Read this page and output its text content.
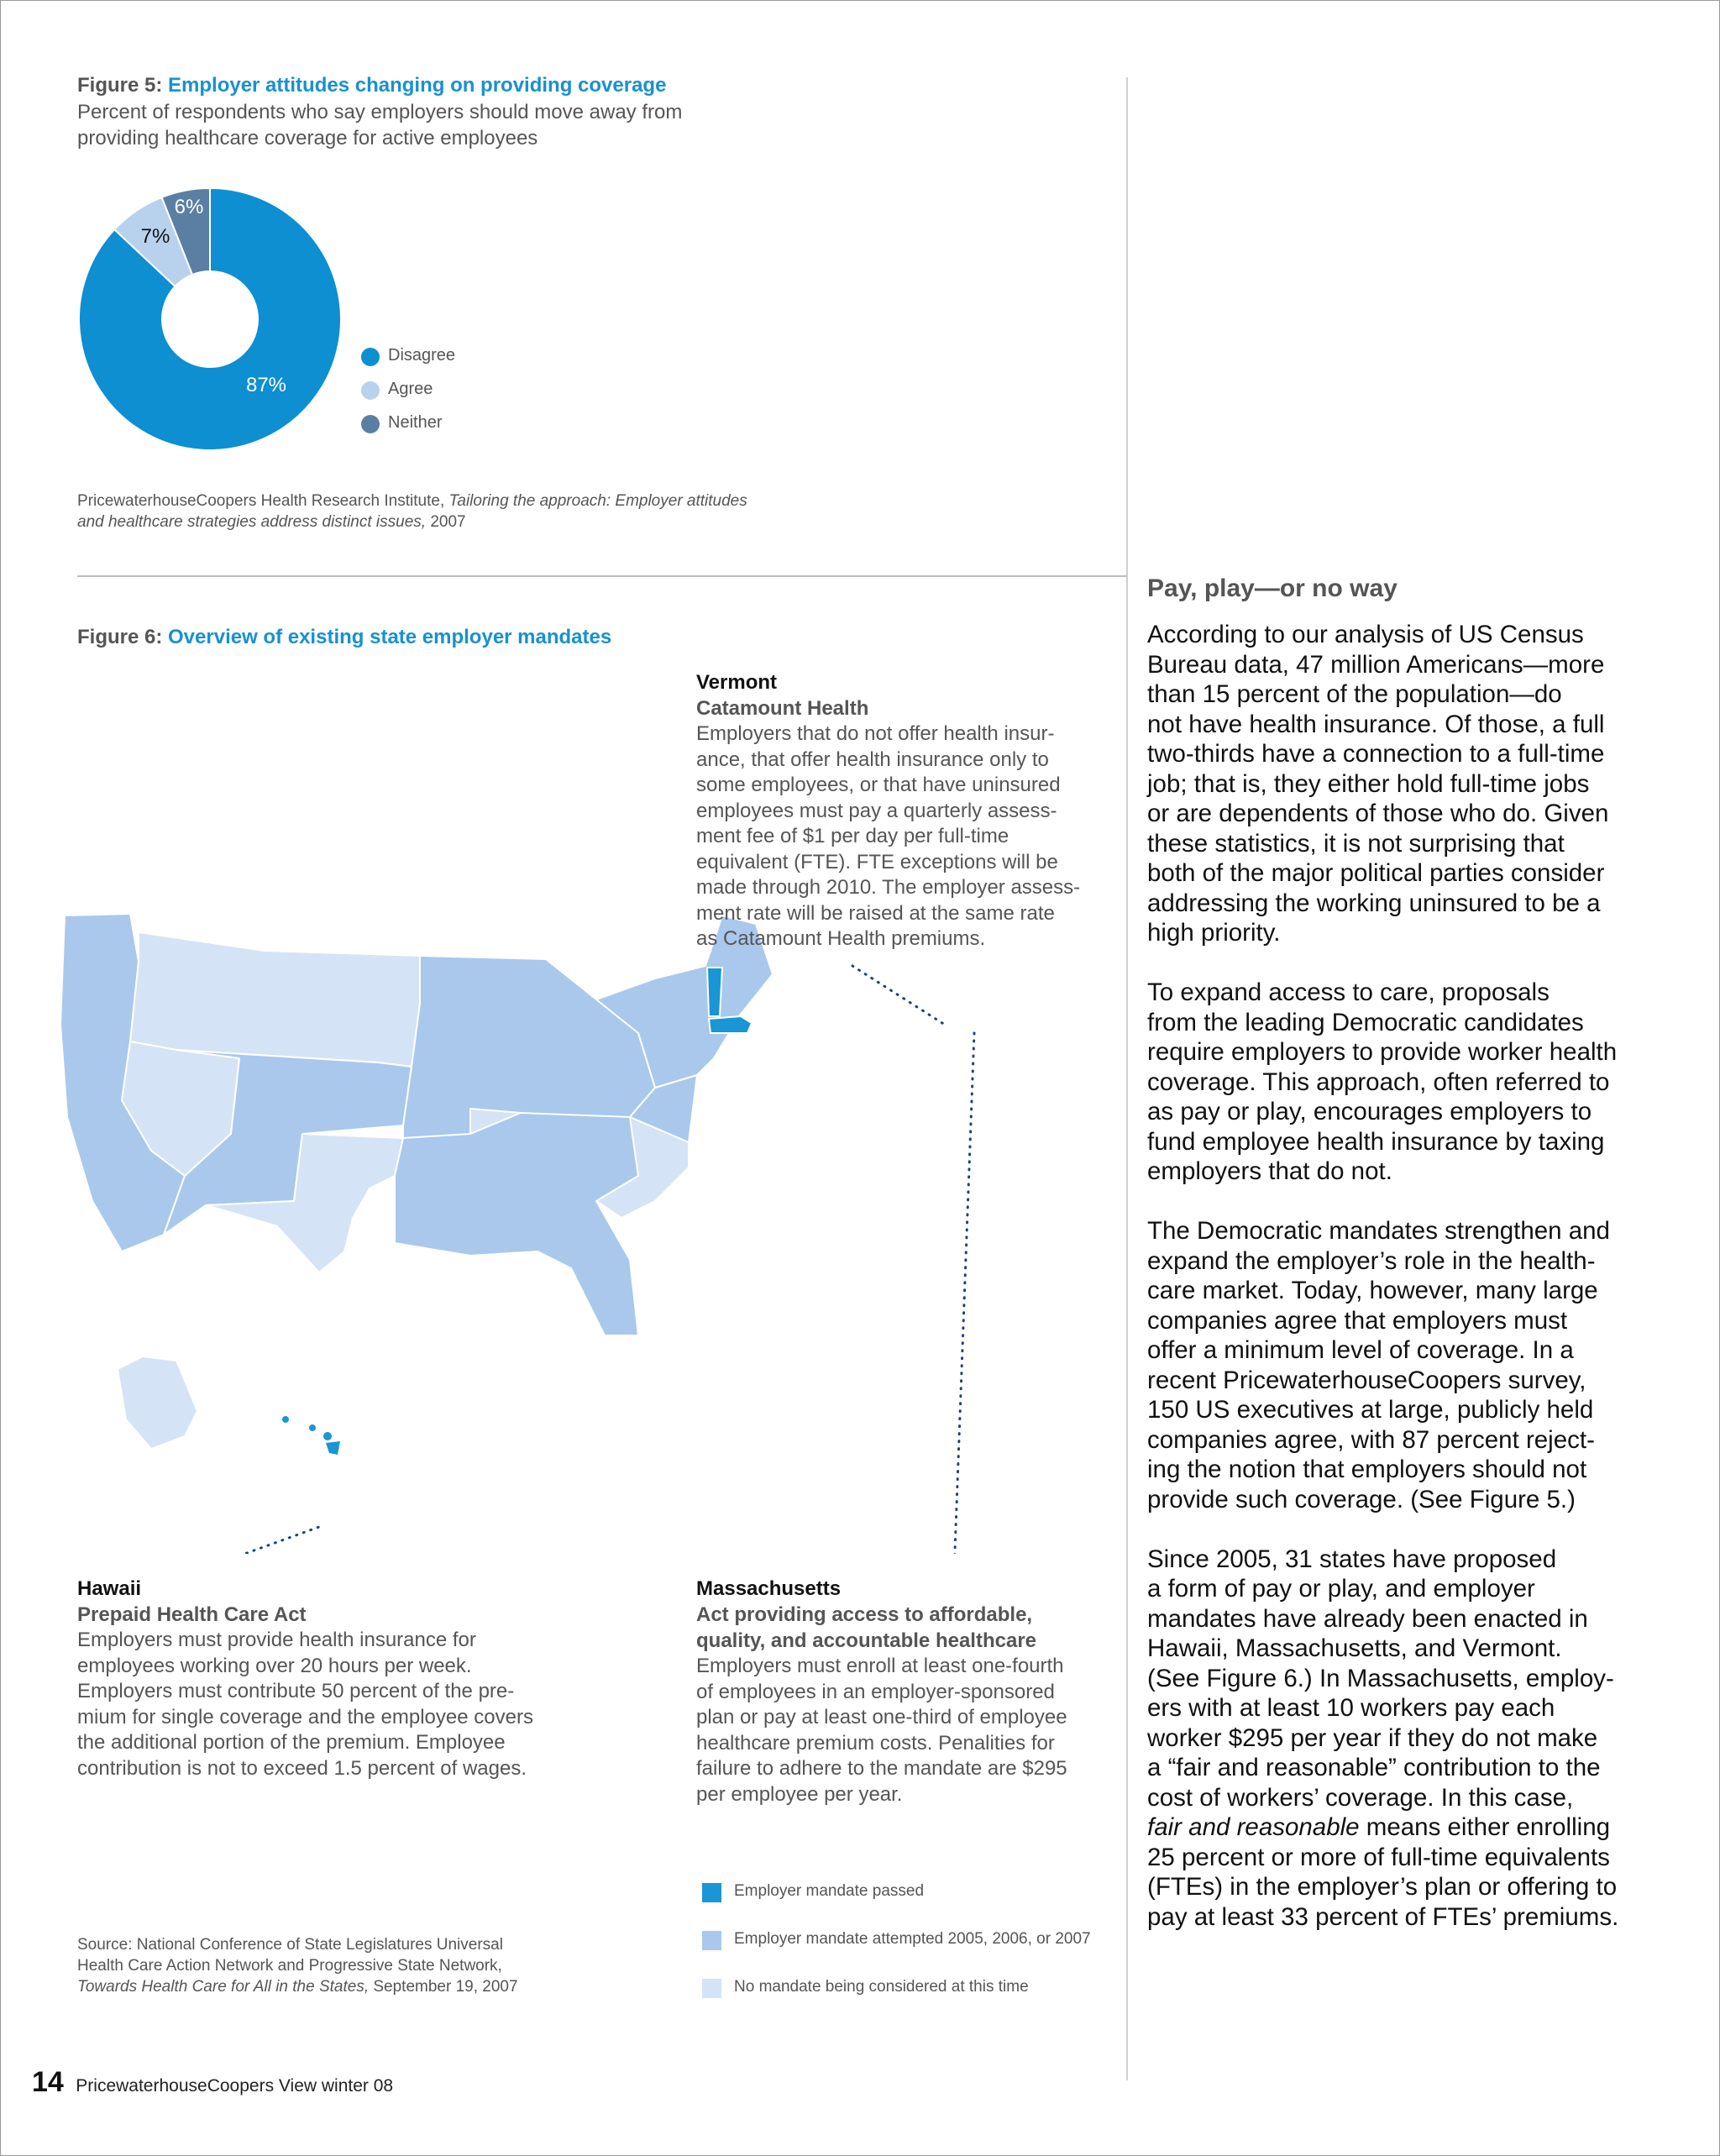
Figure 5: Employer attitudes changing on providing coverage
Percent of respondents who say employers should move away from
providing healthcare coverage for active employees
87%
7%
6%
Disagree
Agree
Neither
PricewaterhouseCoopers Health Research Institute, Tailoring the approach: Employer attitudes
and healthcare strategies address distinct issues, 2007
Figure 6: Overview of existing state employer mandates
Vermont
Catamount Health
Employers that do not offer health insur-
ance, that offer health insurance only to
some employees, or that have uninsured
employees must pay a quarterly assess-
ment fee of $1 per day per full-time
equivalent (FTE). FTE exceptions will be
made through 2010. The employer assess-
ment rate will be raised at the same rate
as Catamount Health premiums.
Hawaii
Prepaid Health Care Act
Employers must provide health insurance for
employees working over 20 hours per week.
Employers must contribute 50 percent of the pre-
mium for single coverage and the employee covers
the additional portion of the premium. Employee
contribution is not to exceed 1.5 percent of wages.
Massachusetts
Act providing access to affordable,
quality, and accountable healthcare
Employers must enroll at least one-fourth
of employees in an employer-sponsored
plan or pay at least one-third of employee
healthcare premium costs. Penalities for
failure to adhere to the mandate are $295
per employee per year.
Employer mandate passed
Employer mandate attempted 2005, 2006, or 2007
No mandate being considered at this time
Source: National Conference of State Legislatures Universal
Health Care Action Network and Progressive State Network,
Towards Health Care for All in the States, September 19, 2007
Pay, play—or no way

According to our analysis of US Census
Bureau data, 47 million Americans—more
than 15 percent of the population—do
not have health insurance. Of those, a full
two-thirds have a connection to a full-time
job; that is, they either hold full-time jobs
or are dependents of those who do. Given
these statistics, it is not surprising that
both of the major political parties consider
addressing the working uninsured to be a
high priority.

To expand access to care, proposals
from the leading Democratic candidates
require employers to provide worker health
coverage. This approach, often referred to
as pay or play, encourages employers to
fund employee health insurance by taxing
employers that do not.

The Democratic mandates strengthen and
expand the employer’s role in the health-
care market. Today, however, many large
companies agree that employers must
offer a minimum level of coverage. In a
recent PricewaterhouseCoopers survey,
150 US executives at large, publicly held
companies agree, with 87 percent reject-
ing the notion that employers should not
provide such coverage. (See Figure 5.)

Since 2005, 31 states have proposed
a form of pay or play, and employer
mandates have already been enacted in
Hawaii, Massachusetts, and Vermont.
(See Figure 6.) In Massachusetts, employ-
ers with at least 10 workers pay each
worker $295 per year if they do not make
a “fair and reasonable” contribution to the
cost of workers’ coverage. In this case,
fair and reasonable means either enrolling
25 percent or more of full-time equivalents
(FTEs) in the employer’s plan or offering to
pay at least 33 percent of FTEs’ premiums.

14 PricewaterhouseCoopers View winter 08
